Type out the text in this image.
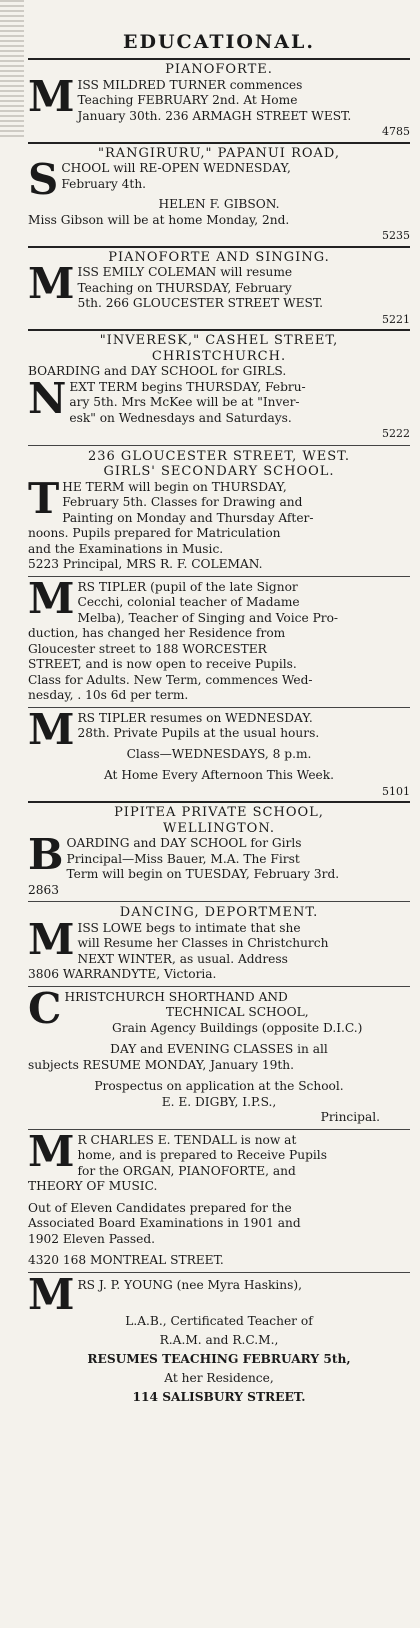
EDUCATIONAL.
PIANOFORTE.
M ISS MILDRED TURNER commences
Teaching FEBRUARY 2nd. At Home
January 30th. 236 ARMAGH STREET WEST.
4785
"RANGIRURU," PAPANUI ROAD,
S CHOOL will RE-OPEN WEDNESDAY,
February 4th.
HELEN F. GIBSON.
Miss Gibson will be at home Monday, 2nd.
5235
PIANOFORTE AND SINGING.
M ISS EMILY COLEMAN will resume
Teaching on THURSDAY, February
5th. 266 GLOUCESTER STREET WEST.
5221
"INVERESK," CASHEL STREET,
CHRISTCHURCH.
BOARDING and DAY SCHOOL for GIRLS.
N EXT TERM begins THURSDAY, Febru-
ary 5th. Mrs McKee will be at "Inver-
esk" on Wednesdays and Saturdays.
5222
236 GLOUCESTER STREET, WEST.
GIRLS' SECONDARY SCHOOL.
T HE TERM will begin on THURSDAY,
February 5th. Classes for Drawing and
Painting on Monday and Thursday After-
noons. Pupils prepared for Matriculation
and the Examinations in Music.
5223 Principal, MRS R. F. COLEMAN.
M RS TIPLER (pupil of the late Signor
Cecchi, colonial teacher of Madame
Melba), Teacher of Singing and Voice Pro-
duction, has changed her Residence from
Gloucester street to 188 WORCESTER
STREET, and is now open to receive Pupils.
Class for Adults. New Term, commences Wed-
nesday, . 10s 6d per term.
M RS TIPLER resumes on WEDNESDAY.
28th. Private Pupils at the usual hours.
Class—WEDNESDAYS, 8 p.m.
At Home Every Afternoon This Week.
5101
PIPITEA PRIVATE SCHOOL,
WELLINGTON.
B OARDING and DAY SCHOOL for Girls
Principal—Miss Bauer, M.A. The First
Term will begin on TUESDAY, February 3rd.
2863
DANCING, DEPORTMENT.
M ISS LOWE begs to intimate that she
will Resume her Classes in Christchurch
NEXT WINTER, as usual. Address
3806 WARRANDYTE, Victoria.
C HRISTCHURCH SHORTHAND AND
TECHNICAL SCHOOL,
Grain Agency Buildings (opposite D.I.C.)
DAY and EVENING CLASSES in all
subjects RESUME MONDAY, January 19th.
Prospectus on application at the School.
E. E. DIGBY, I.P.S.,
Principal.
M R CHARLES E. TENDALL is now at
home, and is prepared to Receive Pupils
for the ORGAN, PIANOFORTE, and
THEORY OF MUSIC.
Out of Eleven Candidates prepared for the
Associated Board Examinations in 1901 and
1902 Eleven Passed.
4320 168 MONTREAL STREET.
M RS J. P. YOUNG (nee Myra Haskins),
L.A.B., Certificated Teacher of
R.A.M. and R.C.M.,
RESUMES TEACHING FEBRUARY 5th,
At her Residence,
114 SALISBURY STREET.
